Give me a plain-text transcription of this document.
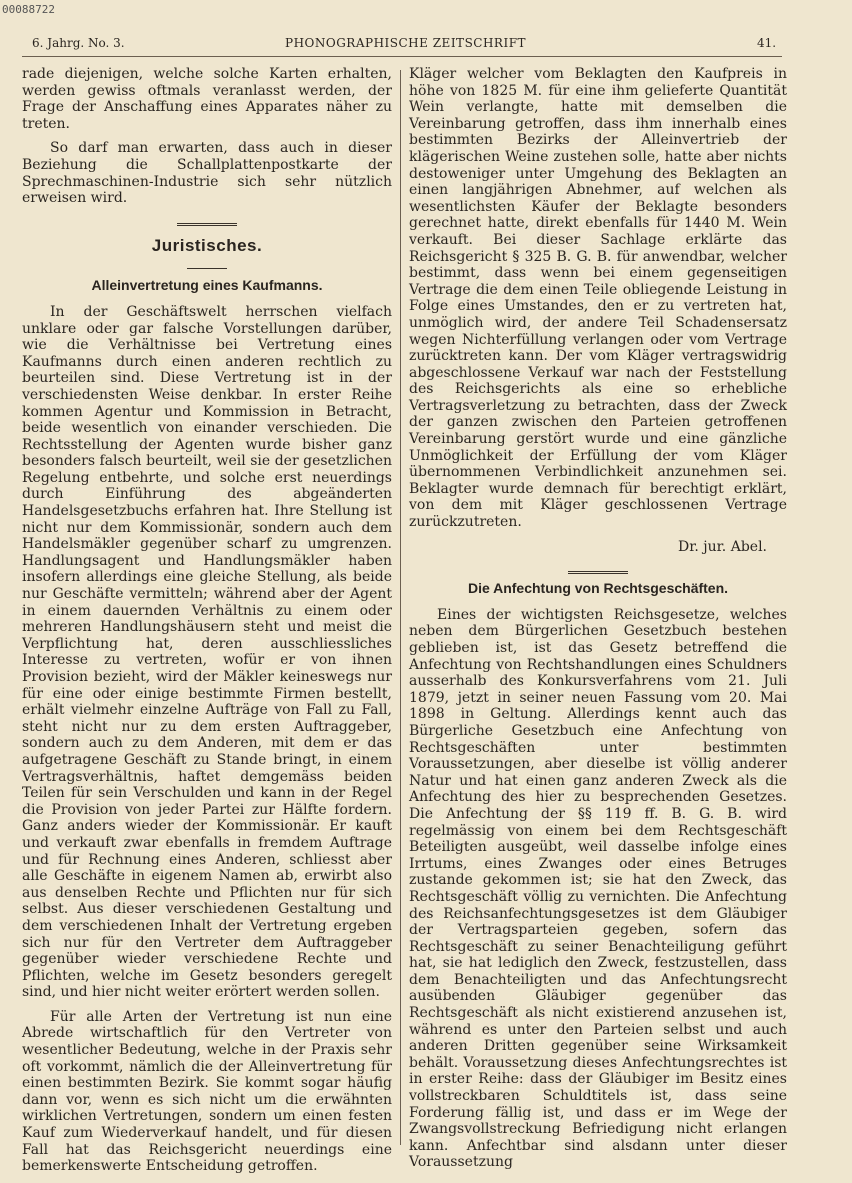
00088722
6. Jahrg. No. 3.	PHONOGRAPHISCHE ZEITSCHRIFT	41.

rade diejenigen, welche solche Karten erhalten, werden gewiss oftmals veranlasst werden, der Frage der Anschaffung eines Apparates näher zu treten.

So darf man erwarten, dass auch in dieser Beziehung die Schallplattenpostkarte der Sprechmaschinen-Industrie sich sehr nützlich erweisen wird.

Juristisches.
Alleinvertretung eines Kaufmanns.

In der Geschäftswelt herrschen vielfach unklare oder gar falsche Vorstellungen darüber, wie die Verhältnisse bei Vertretung eines Kaufmanns durch einen anderen rechtlich zu beurteilen sind. Diese Vertretung ist in der verschiedensten Weise denkbar. In erster Reihe kommen Agentur und Kommission in Betracht, beide wesentlich von einander verschieden. Die Rechtsstellung der Agenten wurde bisher ganz besonders falsch beurteilt, weil sie der gesetzlichen Regelung entbehrte, und solche erst neuerdings durch Einführung des abgeänderten Handelsgesetzbuchs erfahren hat. Ihre Stellung ist nicht nur dem Kommissionär, sondern auch dem Handelsmäkler gegenüber scharf zu umgrenzen. Handlungsagent und Handlungsmäkler haben insofern allerdings eine gleiche Stellung, als beide nur Geschäfte vermitteln; während aber der Agent in einem dauernden Verhältnis zu einem oder mehreren Handlungshäusern steht und meist die Verpflichtung hat, deren ausschliessliches Interesse zu vertreten, wofür er von ihnen Provision bezieht, wird der Mäkler keineswegs nur für eine oder einige bestimmte Firmen bestellt, erhält vielmehr einzelne Aufträge von Fall zu Fall, steht nicht nur zu dem ersten Auftraggeber, sondern auch zu dem Anderen, mit dem er das aufgetragene Geschäft zu Stande bringt, in einem Vertragsverhältnis, haftet demgemäss beiden Teilen für sein Verschulden und kann in der Regel die Provision von jeder Partei zur Hälfte fordern. Ganz anders wieder der Kommissionär. Er kauft und verkauft zwar ebenfalls in fremdem Auftrage und für Rechnung eines Anderen, schliesst aber alle Geschäfte in eigenem Namen ab, erwirbt also aus denselben Rechte und Pflichten nur für sich selbst. Aus dieser verschiedenen Gestaltung und dem verschiedenen Inhalt der Vertretung ergeben sich nur für den Vertreter dem Auftraggeber gegenüber wieder verschiedene Rechte und Pflichten, welche im Gesetz besonders geregelt sind, und hier nicht weiter erörtert werden sollen.

Für alle Arten der Vertretung ist nun eine Abrede wirtschaftlich für den Vertreter von wesentlicher Bedeutung, welche in der Praxis sehr oft vorkommt, nämlich die der Alleinvertretung für einen bestimmten Bezirk. Sie kommt sogar häufig dann vor, wenn es sich nicht um die erwähnten wirklichen Vertretungen, sondern um einen festen Kauf zum Wiederverkauf handelt, und für diesen Fall hat das Reichsgericht neuerdings eine bemerkenswerte Entscheidung getroffen.

Kläger welcher vom Beklagten den Kaufpreis in höhe von 1825 M. für eine ihm gelieferte Quantität Wein verlangte, hatte mit demselben die Vereinbarung getroffen, dass ihm innerhalb eines bestimmten Bezirks der Alleinvertrieb der klägerischen Weine zustehen solle, hatte aber nichts destoweniger unter Umgehung des Beklagten an einen langjährigen Abnehmer, auf welchen als wesentlichsten Käufer der Beklagte besonders gerechnet hatte, direkt ebenfalls für 1440 M. Wein verkauft. Bei dieser Sachlage erklärte das Reichsgericht § 325 B. G. B. für anwendbar, welcher bestimmt, dass wenn bei einem gegenseitigen Vertrage die dem einen Teile obliegende Leistung in Folge eines Umstandes, den er zu vertreten hat, unmöglich wird, der andere Teil Schadensersatz wegen Nichterfüllung verlangen oder vom Vertrage zurücktreten kann. Der vom Kläger vertragswidrig abgeschlossene Verkauf war nach der Feststellung des Reichsgerichts als eine so erhebliche Vertragsverletzung zu betrachten, dass der Zweck der ganzen zwischen den Parteien getroffenen Vereinbarung gerstört wurde und eine gänzliche Unmöglichkeit der Erfüllung der vom Kläger übernommenen Verbindlichkeit anzunehmen sei. Beklagter wurde demnach für berechtigt erklärt, von dem mit Kläger geschlossenen Vertrage zurückzutreten.

Dr. jur. Abel.
Die Anfechtung von Rechtsgeschäften.

Eines der wichtigsten Reichsgesetze, welches neben dem Bürgerlichen Gesetzbuch bestehen geblieben ist, ist das Gesetz betreffend die Anfechtung von Rechtshandlungen eines Schuldners ausserhalb des Konkursverfahrens vom 21. Juli 1879, jetzt in seiner neuen Fassung vom 20. Mai 1898 in Geltung. Allerdings kennt auch das Bürgerliche Gesetzbuch eine Anfechtung von Rechtsgeschäften unter bestimmten Voraussetzungen, aber dieselbe ist völlig anderer Natur und hat einen ganz anderen Zweck als die Anfechtung des hier zu besprechenden Gesetzes. Die Anfechtung der §§ 119 ff. B. G. B. wird regelmässig von einem bei dem Rechtsgeschäft Beteiligten ausgeübt, weil dasselbe infolge eines Irrtums, eines Zwanges oder eines Betruges zustande gekommen ist; sie hat den Zweck, das Rechtsgeschäft völlig zu vernichten. Die Anfechtung des Reichsanfechtungsgesetzes ist dem Gläubiger der Vertragsparteien gegeben, sofern das Rechtsgeschäft zu seiner Benachteiligung geführt hat, sie hat lediglich den Zweck, festzustellen, dass dem Benachteiligten und das Anfechtungsrecht ausübenden Gläubiger gegenüber das Rechtsgeschäft als nicht existierend anzusehen ist, während es unter den Parteien selbst und auch anderen Dritten gegenüber seine Wirksamkeit behält. Voraussetzung dieses Anfechtungsrechtes ist in erster Reihe: dass der Gläubiger im Besitz eines vollstreckbaren Schuldtitels ist, dass seine Forderung fällig ist, und dass er im Wege der Zwangsvollstreckung Befriedigung nicht erlangen kann. Anfechtbar sind alsdann unter dieser Voraussetzung
